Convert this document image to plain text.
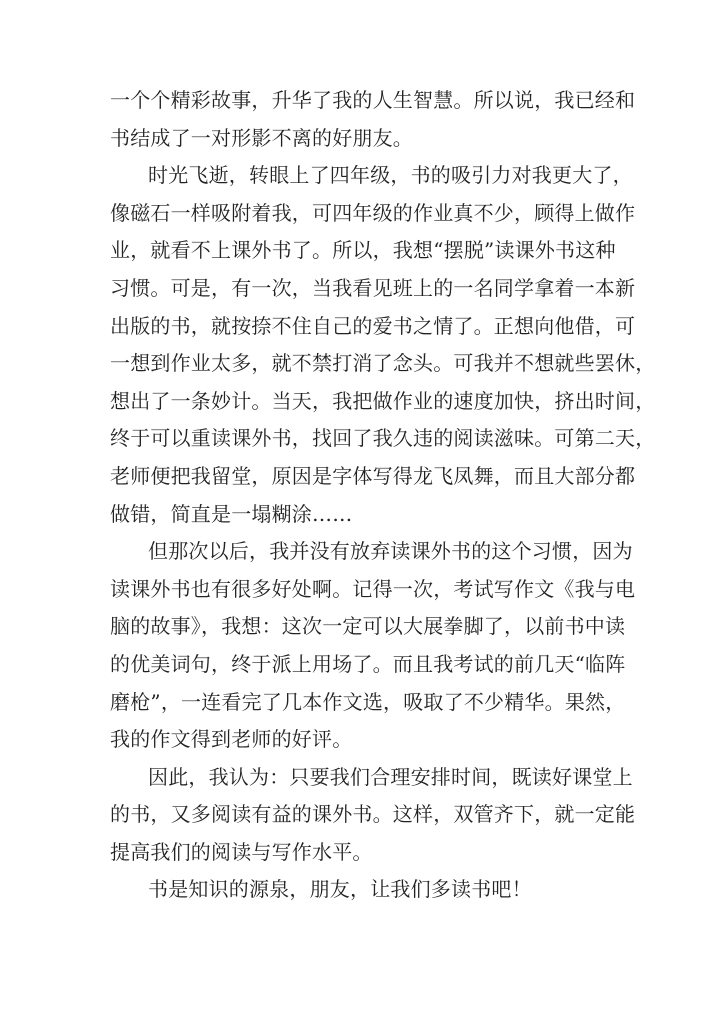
一个个精彩故事，升华了我的人生智慧。所以说，我已经和
书结成了一对形影不离的好朋友。
时光飞逝，转眼上了四年级，书的吸引力对我更大了，
像磁石一样吸附着我，可四年级的作业真不少，顾得上做作
业，就看不上课外书了。所以，我想“摆脱”读课外书这种
习惯。可是，有一次，当我看见班上的一名同学拿着一本新
出版的书，就按捺不住自己的爱书之情了。正想向他借，可
一想到作业太多，就不禁打消了念头。可我并不想就些罢休，
想出了一条妙计。当天，我把做作业的速度加快，挤出时间，
终于可以重读课外书，找回了我久违的阅读滋味。可第二天，
老师便把我留堂，原因是字体写得龙飞凤舞，而且大部分都
做错，简直是一塌糊涂……
但那次以后，我并没有放弃读课外书的这个习惯，因为
读课外书也有很多好处啊。记得一次，考试写作文《我与电
脑的故事》，我想：这次一定可以大展拳脚了，以前书中读
的优美词句，终于派上用场了。而且我考试的前几天“临阵
磨枪”，一连看完了几本作文选，吸取了不少精华。果然，
我的作文得到老师的好评。
因此，我认为：只要我们合理安排时间，既读好课堂上
的书，又多阅读有益的课外书。这样，双管齐下，就一定能
提高我们的阅读与写作水平。
书是知识的源泉，朋友，让我们多读书吧！
